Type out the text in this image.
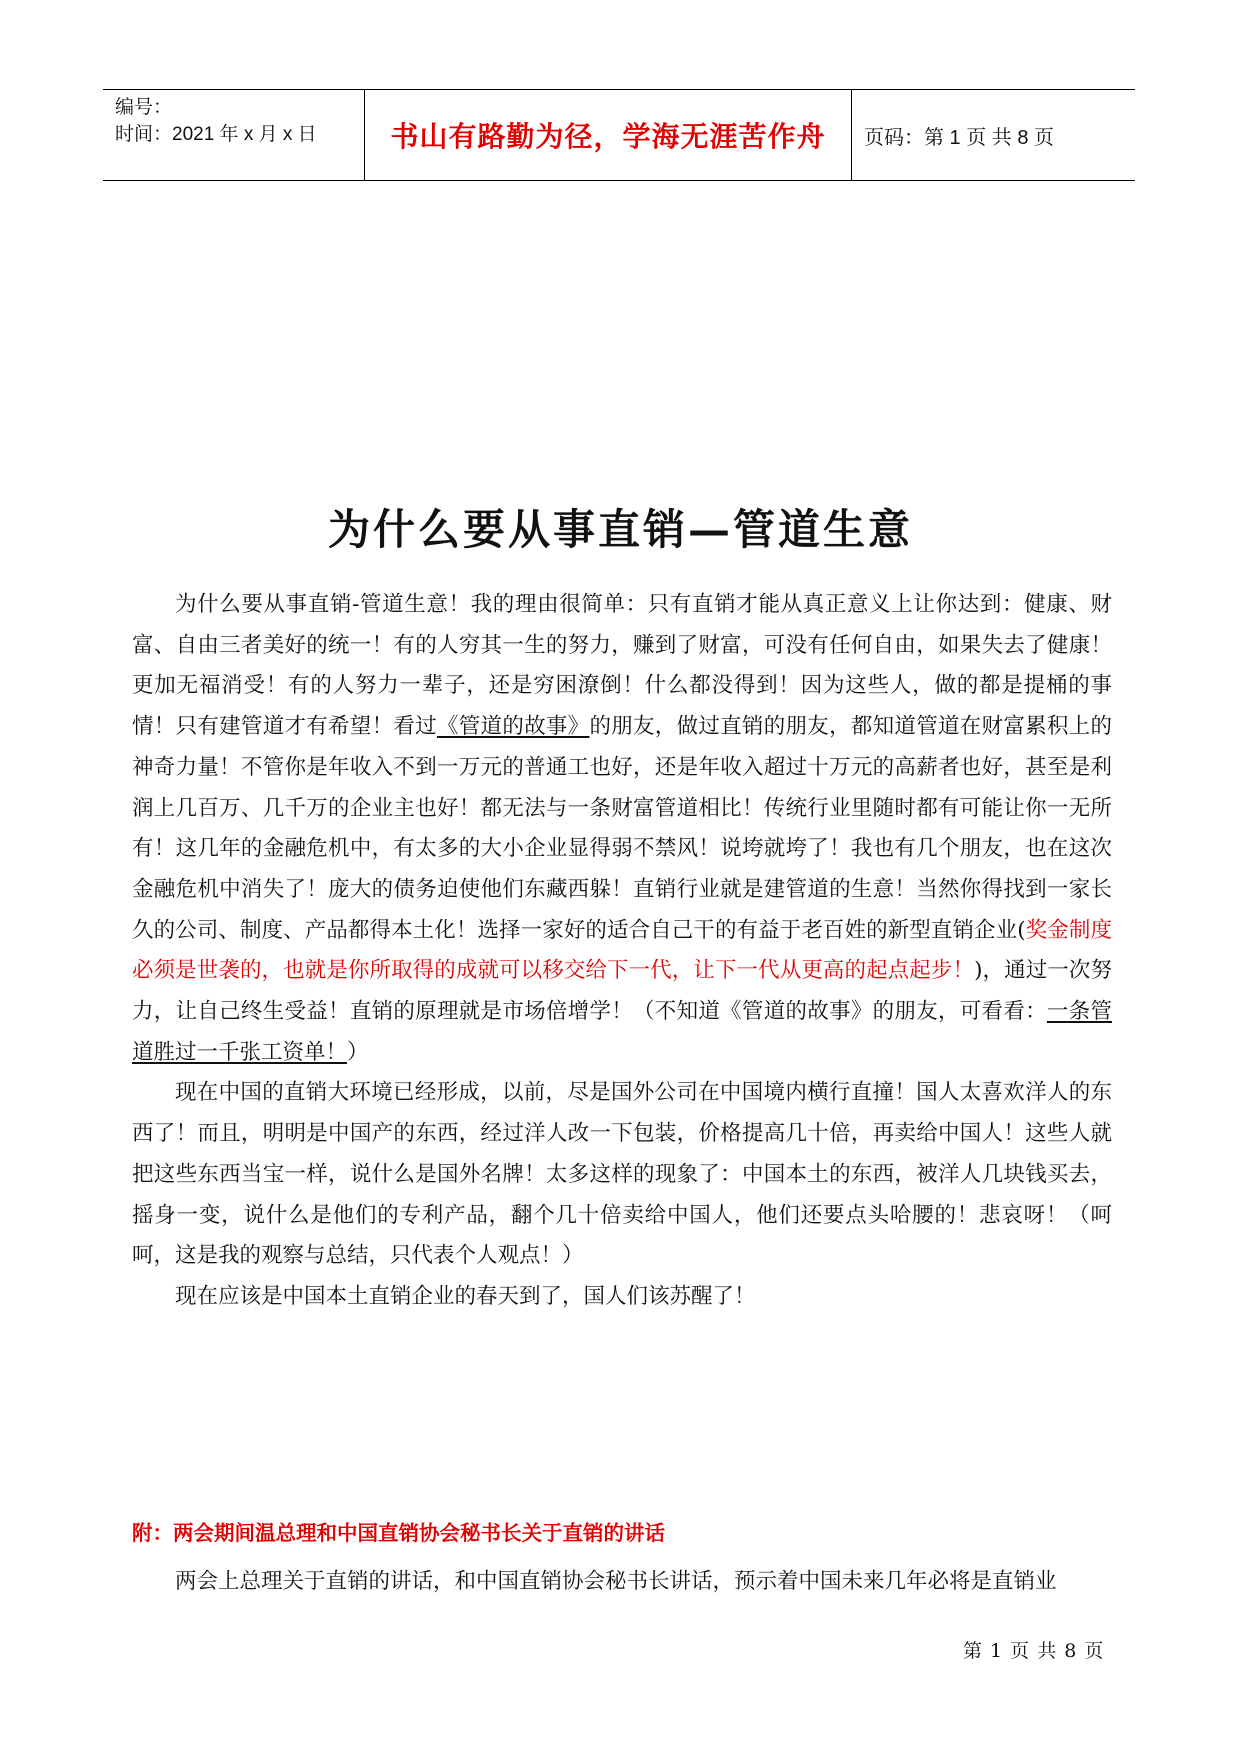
编号：
时间：2021 年 x 月 x 日	书山有路勤为径，学海无涯苦作舟	页码：第 1 页 共 8 页
为什么要从事直销—管道生意

为什么要从事直销-管道生意！我的理由很简单：只有直销才能从真正意义上让你达到：健康、财富、自由三者美好的统一！有的人穷其一生的努力，赚到了财富，可没有任何自由，如果失去了健康！更加无福消受！有的人努力一辈子，还是穷困潦倒！什么都没得到！因为这些人，做的都是提桶的事情！只有建管道才有希望！看过《管道的故事》的朋友，做过直销的朋友，都知道管道在财富累积上的神奇力量！不管你是年收入不到一万元的普通工也好，还是年收入超过十万元的高薪者也好，甚至是利润上几百万、几千万的企业主也好！都无法与一条财富管道相比！传统行业里随时都有可能让你一无所有！这几年的金融危机中，有太多的大小企业显得弱不禁风！说垮就垮了！我也有几个朋友，也在这次金融危机中消失了！庞大的债务迫使他们东藏西躲！直销行业就是建管道的生意！当然你得找到一家长久的公司、制度、产品都得本土化！选择一家好的适合自己干的有益于老百姓的新型直销企业(奖金制度必须是世袭的，也就是你所取得的成就可以移交给下一代，让下一代从更高的起点起步！)，通过一次努力，让自己终生受益！直销的原理就是市场倍增学！（不知道《管道的故事》的朋友，可看看：一条管道胜过一千张工资单！）

现在中国的直销大环境已经形成，以前，尽是国外公司在中国境内横行直撞！国人太喜欢洋人的东西了！而且，明明是中国产的东西，经过洋人改一下包装，价格提高几十倍，再卖给中国人！这些人就把这些东西当宝一样，说什么是国外名牌！太多这样的现象了：中国本土的东西，被洋人几块钱买去，摇身一变，说什么是他们的专利产品，翻个几十倍卖给中国人，他们还要点头哈腰的！悲哀呀！（呵呵，这是我的观察与总结，只代表个人观点！）

现在应该是中国本土直销企业的春天到了，国人们该苏醒了！

附：两会期间温总理和中国直销协会秘书长关于直销的讲话
两会上总理关于直销的讲话，和中国直销协会秘书长讲话，预示着中国未来几年必将是直销业
第 1 页 共 8 页
